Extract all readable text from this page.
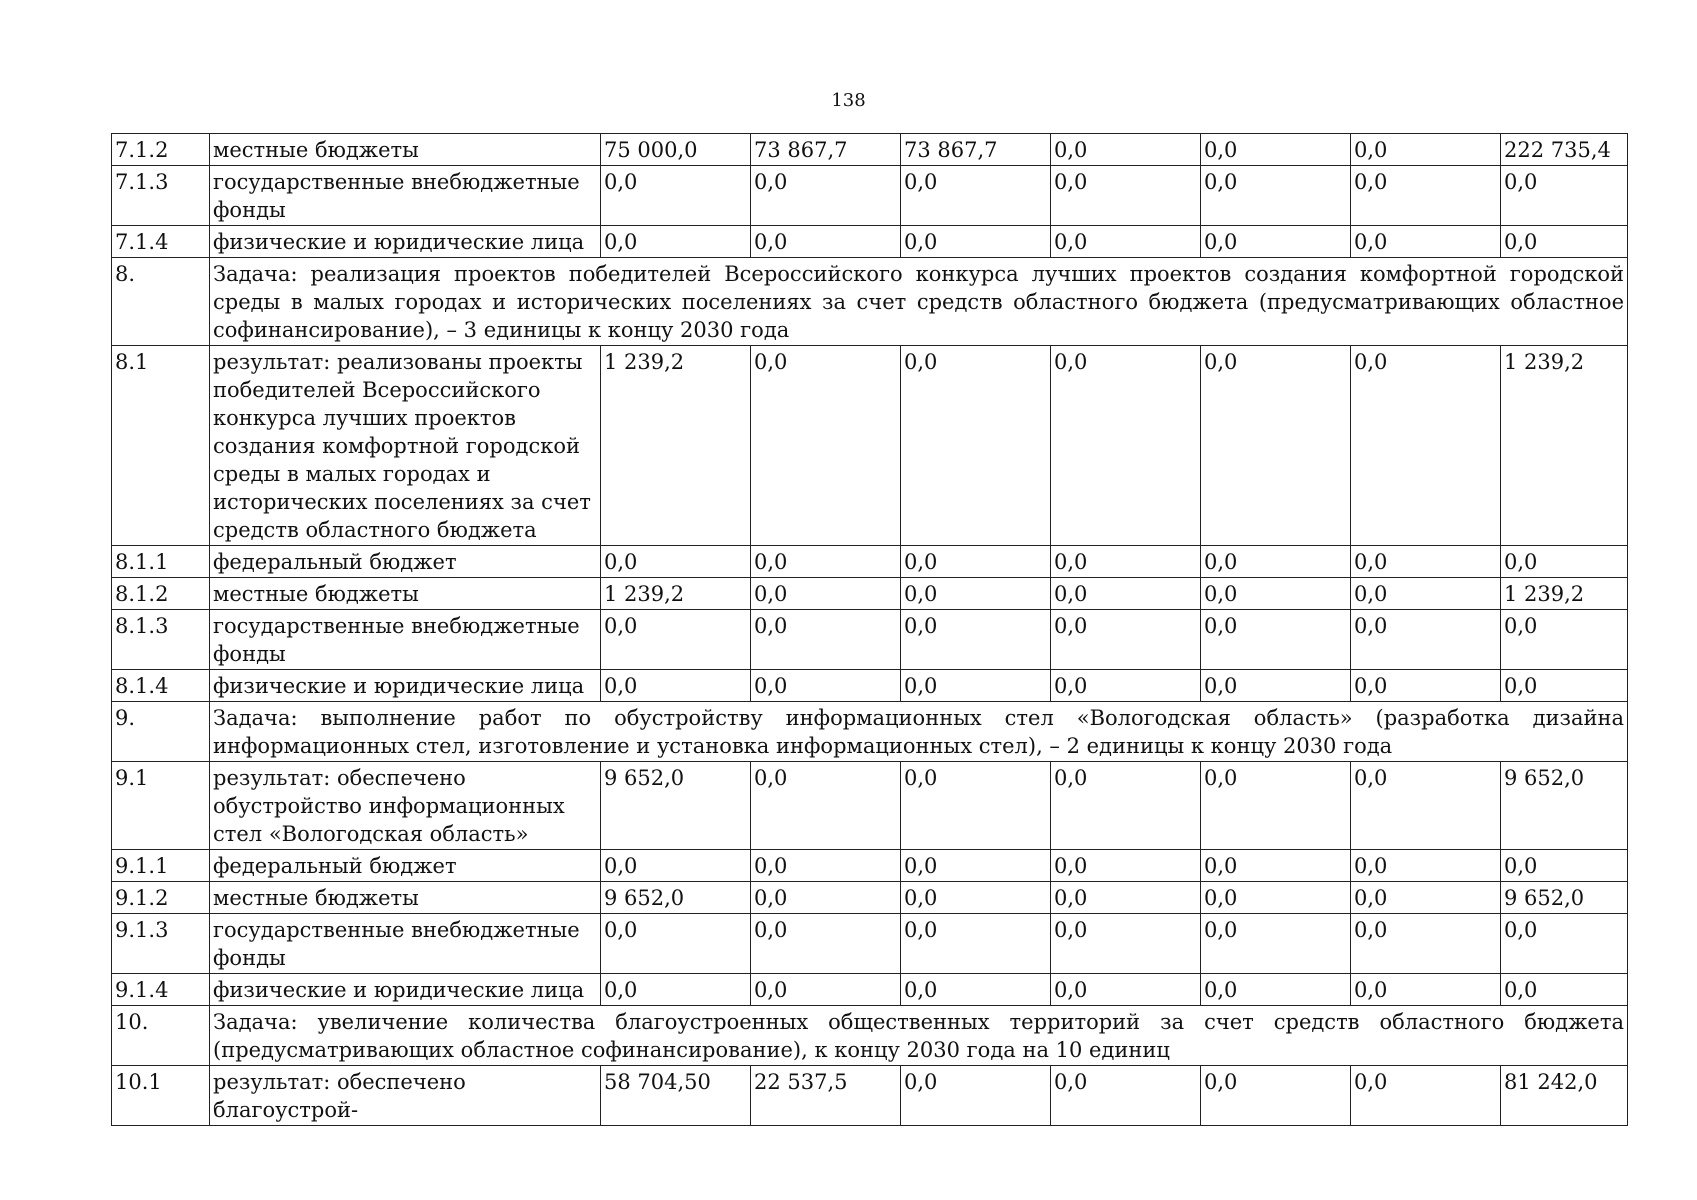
138
7.1.2	местные бюджеты	75 000,0	73 867,7	73 867,7	0,0	0,0	0,0	222 735,4
7.1.3	государственные внебюджетные фонды	0,0	0,0	0,0	0,0	0,0	0,0	0,0
7.1.4	физические и юридические лица	0,0	0,0	0,0	0,0	0,0	0,0	0,0
8.	Задача: реализация проектов победителей Всероссийского конкурса лучших проектов создания комфортной городской среды в малых городах и исторических поселениях за счет средств областного бюджета (предусматривающих областное софинансирование), – 3 единицы к концу 2030 года							
8.1	результат: реализованы проекты победителей Всероссийского конкурса лучших проектов создания комфортной городской среды в малых городах и исторических поселениях за счет средств областного бюджета	1 239,2	0,0	0,0	0,0	0,0	0,0	1 239,2
8.1.1	федеральный бюджет	0,0	0,0	0,0	0,0	0,0	0,0	0,0
8.1.2	местные бюджеты	1 239,2	0,0	0,0	0,0	0,0	0,0	1 239,2
8.1.3	государственные внебюджетные фонды	0,0	0,0	0,0	0,0	0,0	0,0	0,0
8.1.4	физические и юридические лица	0,0	0,0	0,0	0,0	0,0	0,0	0,0
9.	Задача: выполнение работ по обустройству информационных стел «Вологодская область» (разработка дизайна информационных стел, изготовление и установка информационных стел), – 2 единицы к концу 2030 года							
9.1	результат: обеспечено обустройство информационных стел «Вологодская область»	9 652,0	0,0	0,0	0,0	0,0	0,0	9 652,0
9.1.1	федеральный бюджет	0,0	0,0	0,0	0,0	0,0	0,0	0,0
9.1.2	местные бюджеты	9 652,0	0,0	0,0	0,0	0,0	0,0	9 652,0
9.1.3	государственные внебюджетные фонды	0,0	0,0	0,0	0,0	0,0	0,0	0,0
9.1.4	физические и юридические лица	0,0	0,0	0,0	0,0	0,0	0,0	0,0
10.	Задача: увеличение количества благоустроенных общественных территорий за счет средств областного бюджета (предусматривающих областное софинансирование), к концу 2030 года на 10 единиц							
10.1	результат: обеспечено благоустрой-	58 704,50	22 537,5	0,0	0,0	0,0	0,0	81 242,0
